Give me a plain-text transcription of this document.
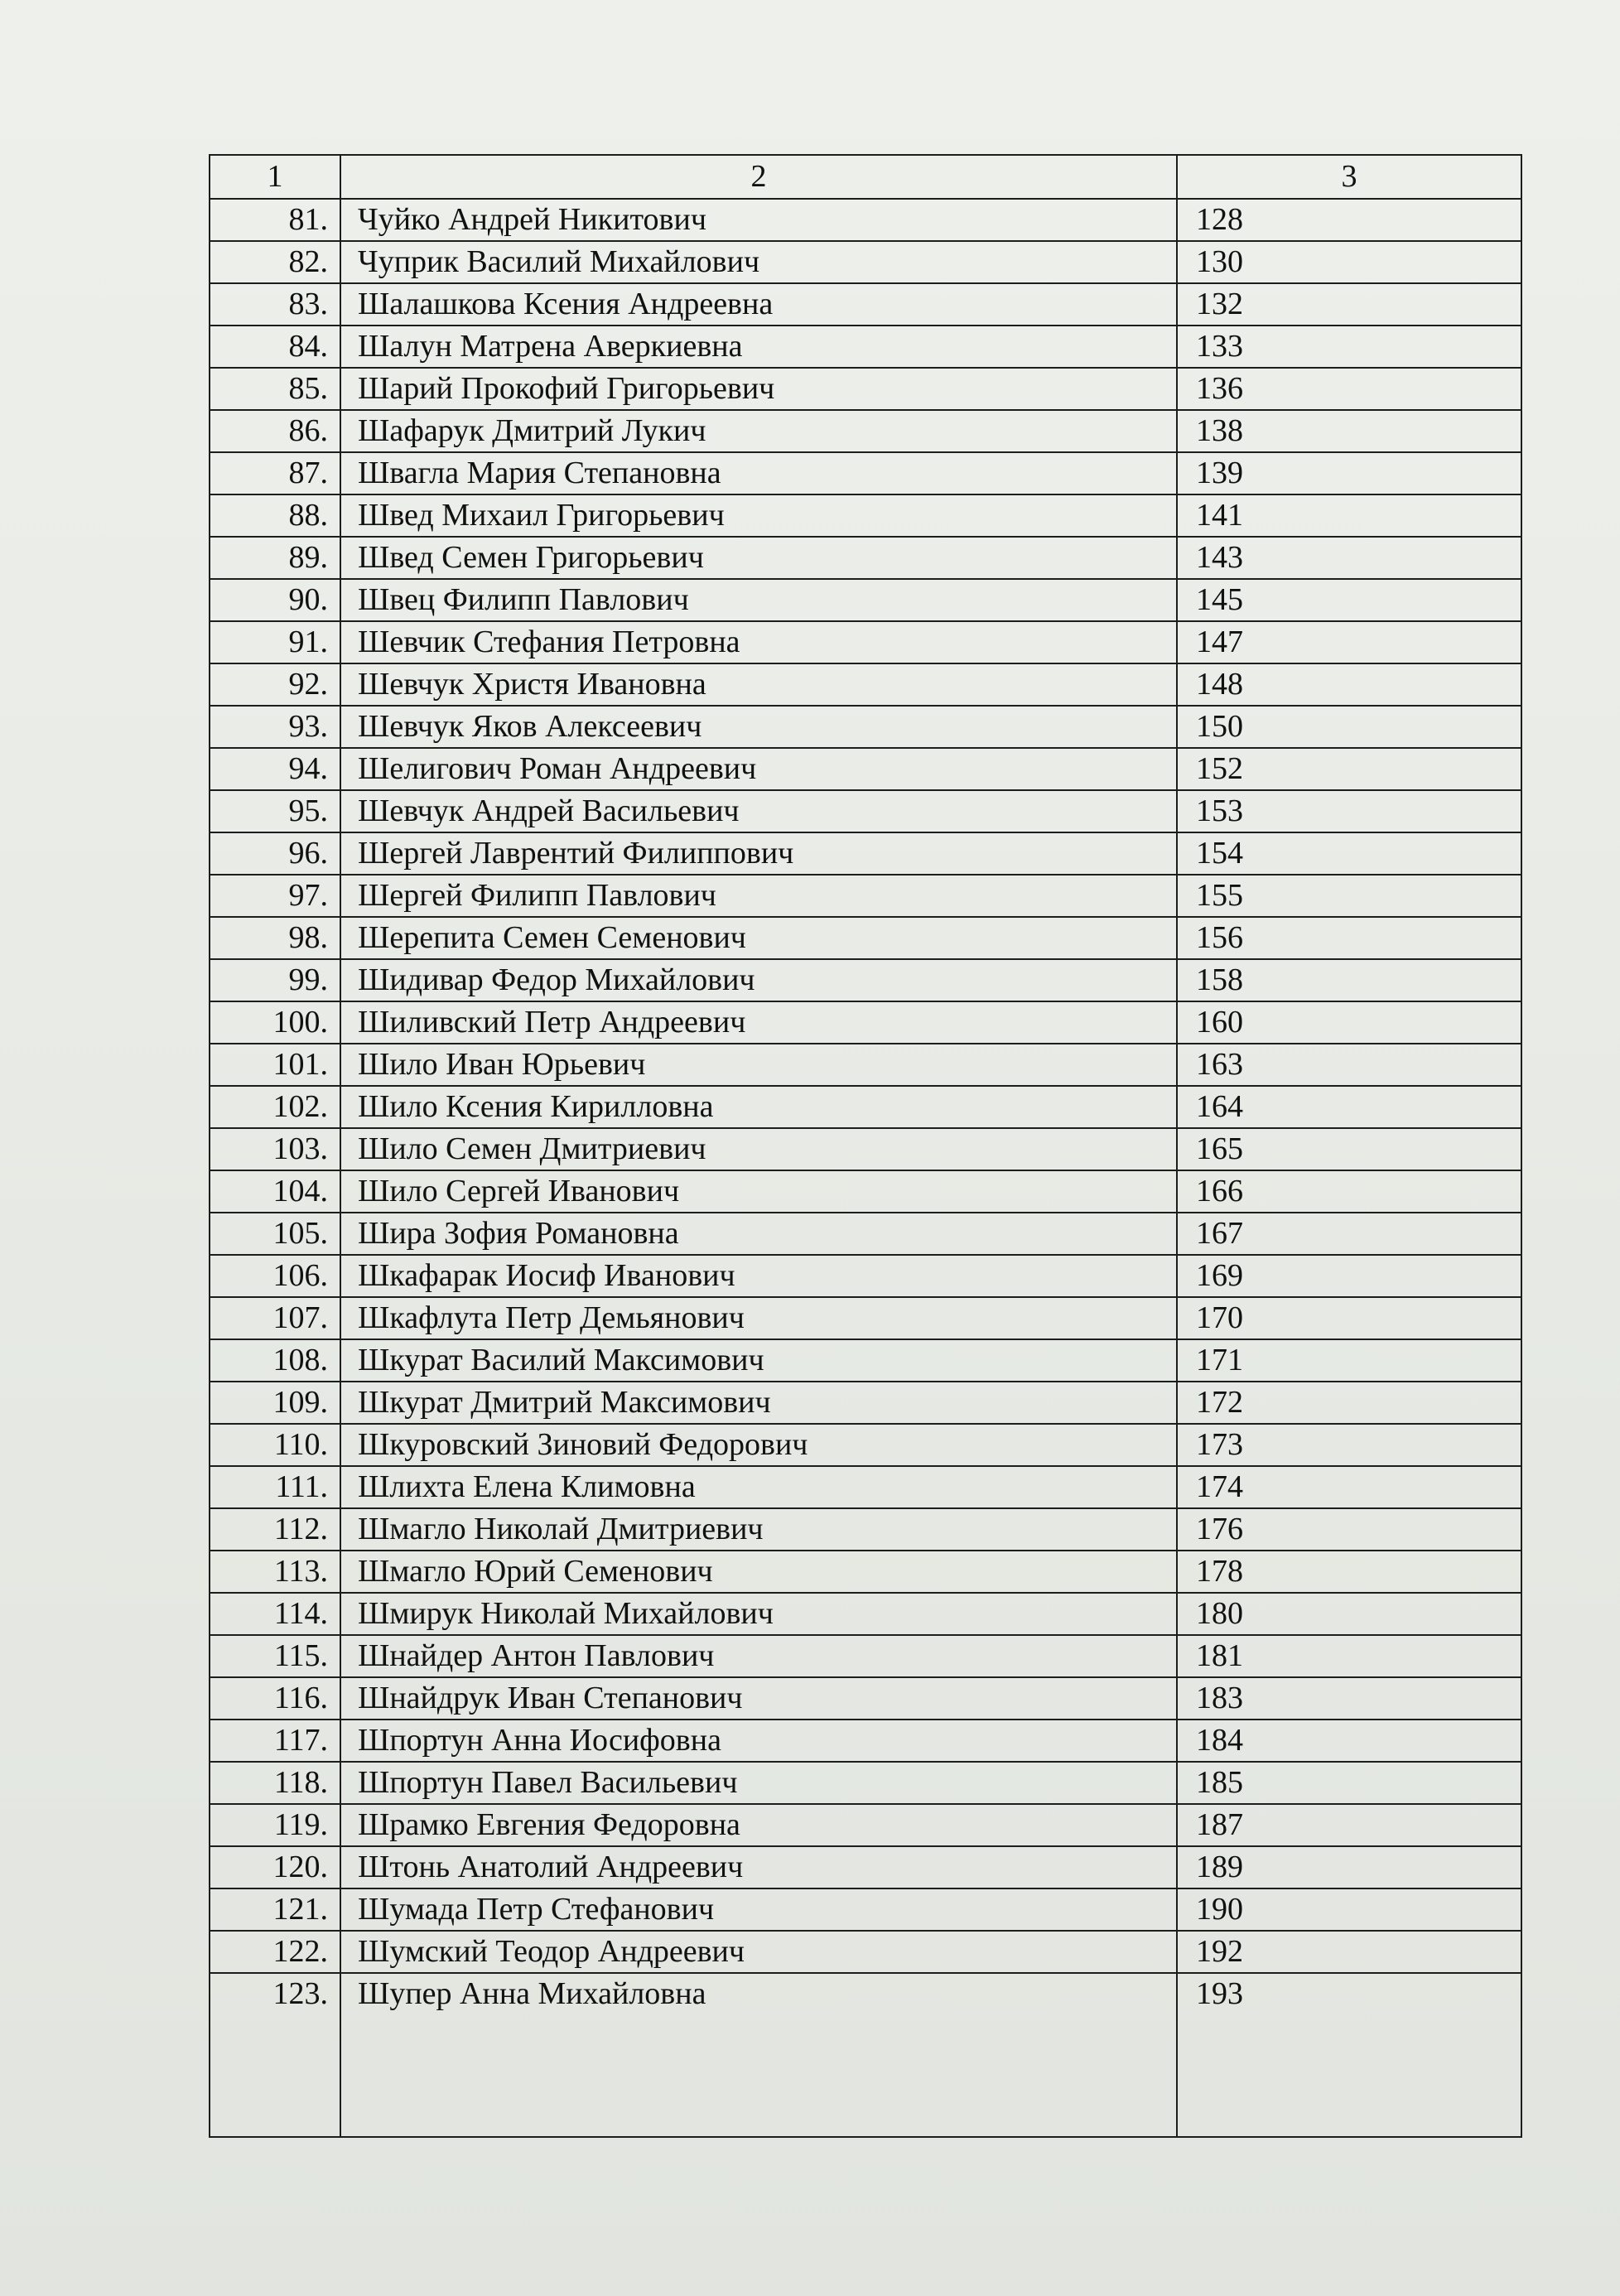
1	2	3
81.	Чуйко Андрей Никитович	128
82.	Чуприк Василий Михайлович	130
83.	Шалашкова Ксения Андреевна	132
84.	Шалун Матрена Аверкиевна	133
85.	Шарий Прокофий Григорьевич	136
86.	Шафарук Дмитрий Лукич	138
87.	Швагла Мария Степановна	139
88.	Швед Михаил Григорьевич	141
89.	Швед Семен Григорьевич	143
90.	Швец Филипп Павлович	145
91.	Шевчик Стефания Петровна	147
92.	Шевчук Христя Ивановна	148
93.	Шевчук Яков Алексеевич	150
94.	Шелигович Роман Андреевич	152
95.	Шевчук Андрей Васильевич	153
96.	Шергей Лаврентий Филиппович	154
97.	Шергей Филипп Павлович	155
98.	Шерепита Семен Семенович	156
99.	Шидивар Федор Михайлович	158
100.	Шиливский Петр Андреевич	160
101.	Шило Иван Юрьевич	163
102.	Шило Ксения Кирилловна	164
103.	Шило Семен Дмитриевич	165
104.	Шило Сергей Иванович	166
105.	Шира Зофия Романовна	167
106.	Шкафарак Иосиф Иванович	169
107.	Шкафлута Петр Демьянович	170
108.	Шкурат Василий Максимович	171
109.	Шкурат Дмитрий Максимович	172
110.	Шкуровский Зиновий Федорович	173
111.	Шлихта Елена Климовна	174
112.	Шмагло Николай Дмитриевич	176
113.	Шмагло Юрий Семенович	178
114.	Шмирук Николай Михайлович	180
115.	Шнайдер Антон Павлович	181
116.	Шнайдрук Иван Степанович	183
117.	Шпортун Анна Иосифовна	184
118.	Шпортун Павел Васильевич	185
119.	Шрамко Евгения Федоровна	187
120.	Штонь Анатолий Андреевич	189
121.	Шумада Петр Стефанович	190
122.	Шумский Теодор Андреевич	192
123.	Шупер Анна Михайловна	193
